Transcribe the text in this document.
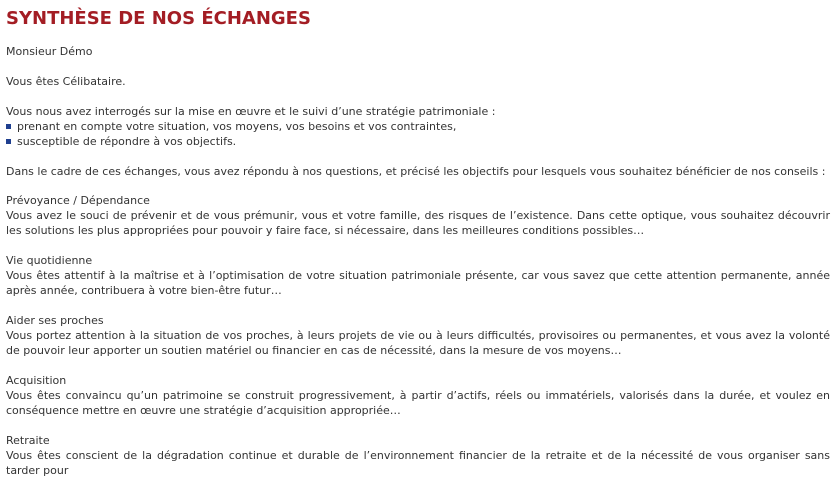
SYNTHÈSE DE NOS ÉCHANGES

Monsieur Démo

Vous êtes Célibataire.

Vous nous avez interrogés sur la mise en œuvre et le suivi d’une stratégie patrimoniale :

prenant en compte votre situation, vos moyens, vos besoins et vos contraintes,
susceptible de répondre à vos objectifs.

Dans le cadre de ces échanges, vous avez répondu à nos questions, et précisé les objectifs pour lesquels vous souhaitez bénéficier de nos conseils :

Prévoyance / Dépendance

Vous avez le souci de prévenir et de vous prémunir, vous et votre famille, des risques de l’existence. Dans cette optique, vous souhaitez découvrir les solutions les plus appropriées pour pouvoir y faire face, si nécessaire, dans les meilleures conditions possibles…

Vie quotidienne

Vous êtes attentif à la maîtrise et à l’optimisation de votre situation patrimoniale présente, car vous savez que cette attention permanente, année après année, contribuera à votre bien-être futur…

Aider ses proches

Vous portez attention à la situation de vos proches, à leurs projets de vie ou à leurs difficultés, provisoires ou permanentes, et vous avez la volonté de pouvoir leur apporter un soutien matériel ou financier en cas de nécessité, dans la mesure de vos moyens…

Acquisition

Vous êtes convaincu qu’un patrimoine se construit progressivement, à partir d’actifs, réels ou immatériels, valorisés dans la durée, et voulez en conséquence mettre en œuvre une stratégie d’acquisition appropriée…

Retraite

Vous êtes conscient de la dégradation continue et durable de l’environnement financier de la retraite et de la nécessité de vous organiser sans tarder pour
